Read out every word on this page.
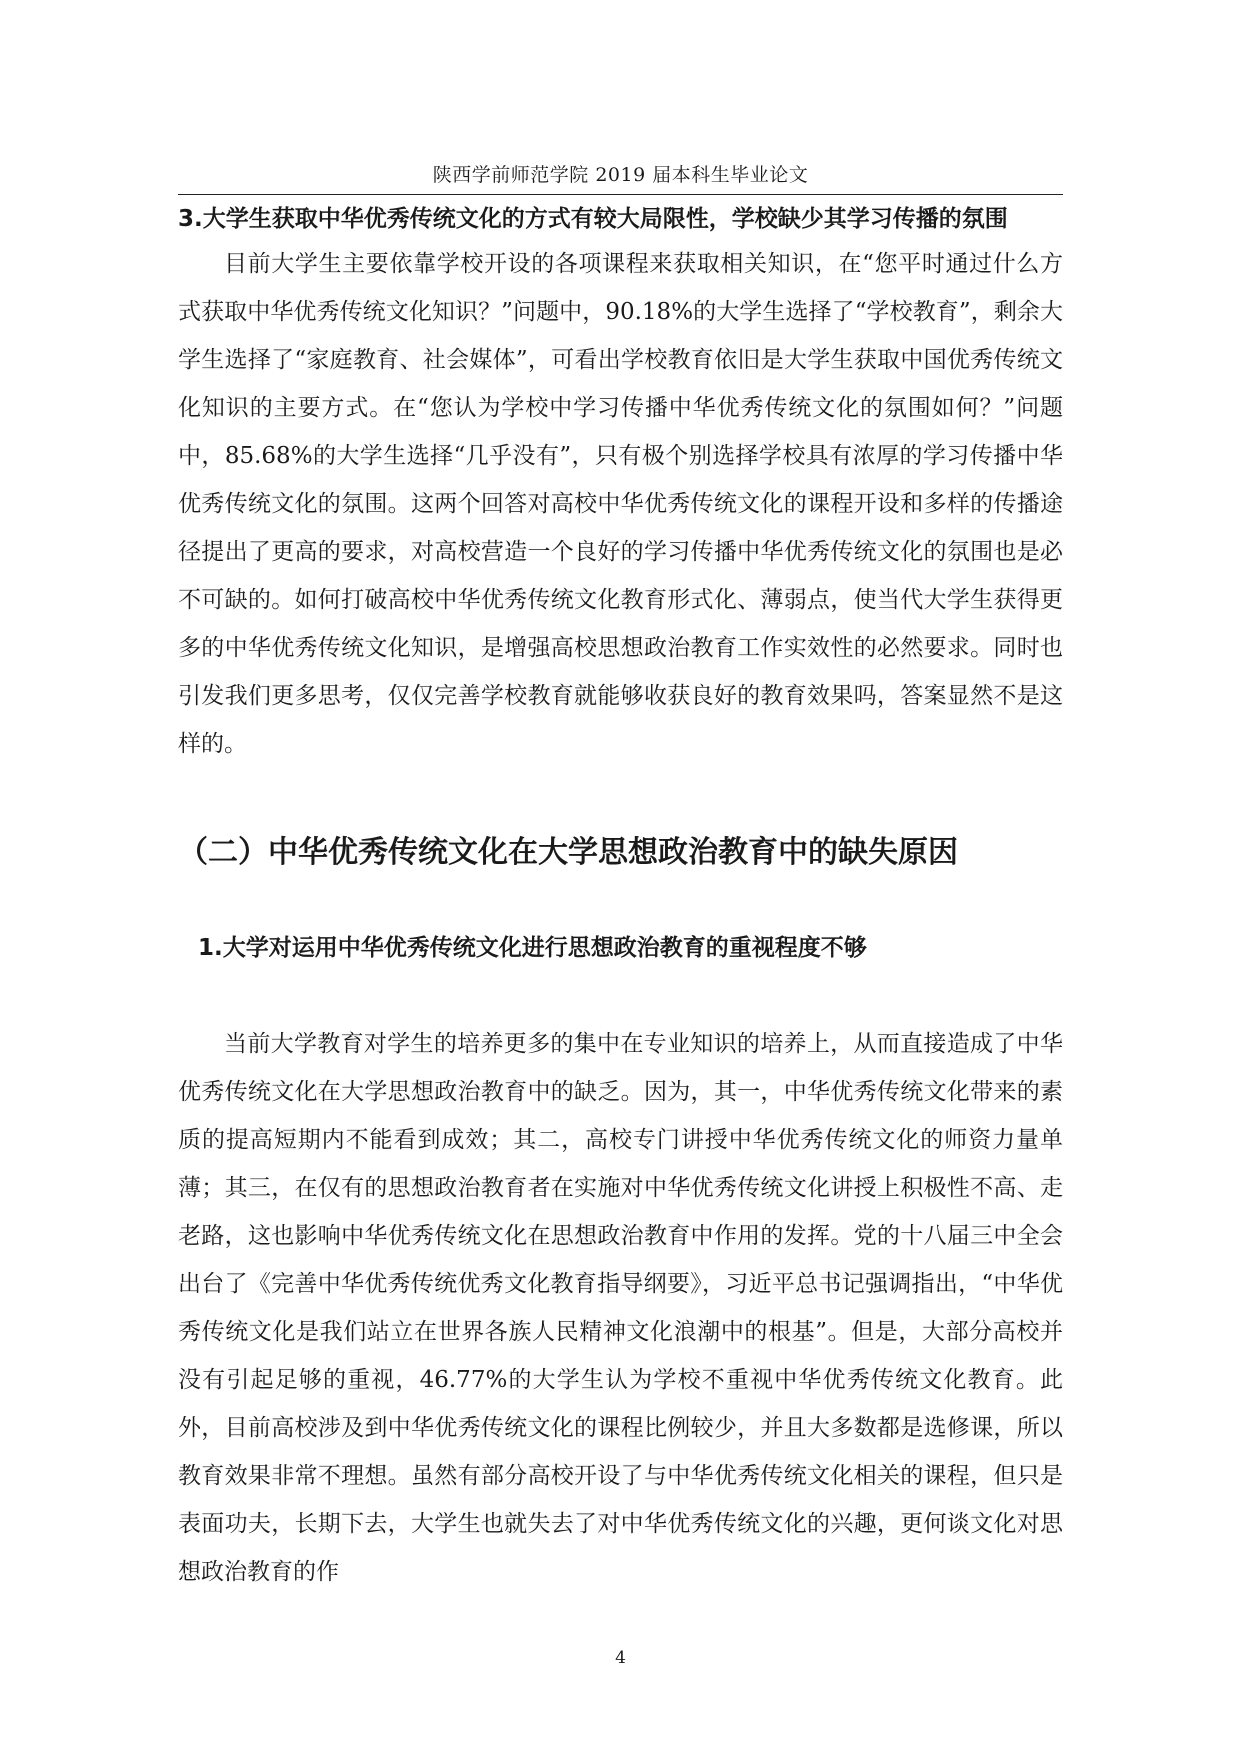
陕西学前师范学院 2019 届本科生毕业论文
3.大学生获取中华优秀传统文化的方式有较大局限性，学校缺少其学习传播的氛围

目前大学生主要依靠学校开设的各项课程来获取相关知识，在“您平时通过什么方式获取中华优秀传统文化知识？”问题中，90.18%的大学生选择了“学校教育”，剩余大学生选择了“家庭教育、社会媒体”，可看出学校教育依旧是大学生获取中国优秀传统文化知识的主要方式。在“您认为学校中学习传播中华优秀传统文化的氛围如何？”问题中，85.68%的大学生选择“几乎没有”，只有极个别选择学校具有浓厚的学习传播中华优秀传统文化的氛围。这两个回答对高校中华优秀传统文化的课程开设和多样的传播途径提出了更高的要求，对高校营造一个良好的学习传播中华优秀传统文化的氛围也是必不可缺的。如何打破高校中华优秀传统文化教育形式化、薄弱点，使当代大学生获得更多的中华优秀传统文化知识，是增强高校思想政治教育工作实效性的必然要求。同时也引发我们更多思考，仅仅完善学校教育就能够收获良好的教育效果吗，答案显然不是这样的。

（二）中华优秀传统文化在大学思想政治教育中的缺失原因
1.大学对运用中华优秀传统文化进行思想政治教育的重视程度不够

当前大学教育对学生的培养更多的集中在专业知识的培养上，从而直接造成了中华优秀传统文化在大学思想政治教育中的缺乏。因为，其一，中华优秀传统文化带来的素质的提高短期内不能看到成效；其二，高校专门讲授中华优秀传统文化的师资力量单薄；其三，在仅有的思想政治教育者在实施对中华优秀传统文化讲授上积极性不高、走老路，这也影响中华优秀传统文化在思想政治教育中作用的发挥。党的十八届三中全会出台了《完善中华优秀传统优秀文化教育指导纲要》，习近平总书记强调指出，“中华优秀传统文化是我们站立在世界各族人民精神文化浪潮中的根基”。但是，大部分高校并没有引起足够的重视，46.77%的大学生认为学校不重视中华优秀传统文化教育。此外，目前高校涉及到中华优秀传统文化的课程比例较少，并且大多数都是选修课，所以教育效果非常不理想。虽然有部分高校开设了与中华优秀传统文化相关的课程，但只是表面功夫，长期下去，大学生也就失去了对中华优秀传统文化的兴趣，更何谈文化对思想政治教育的作

4
